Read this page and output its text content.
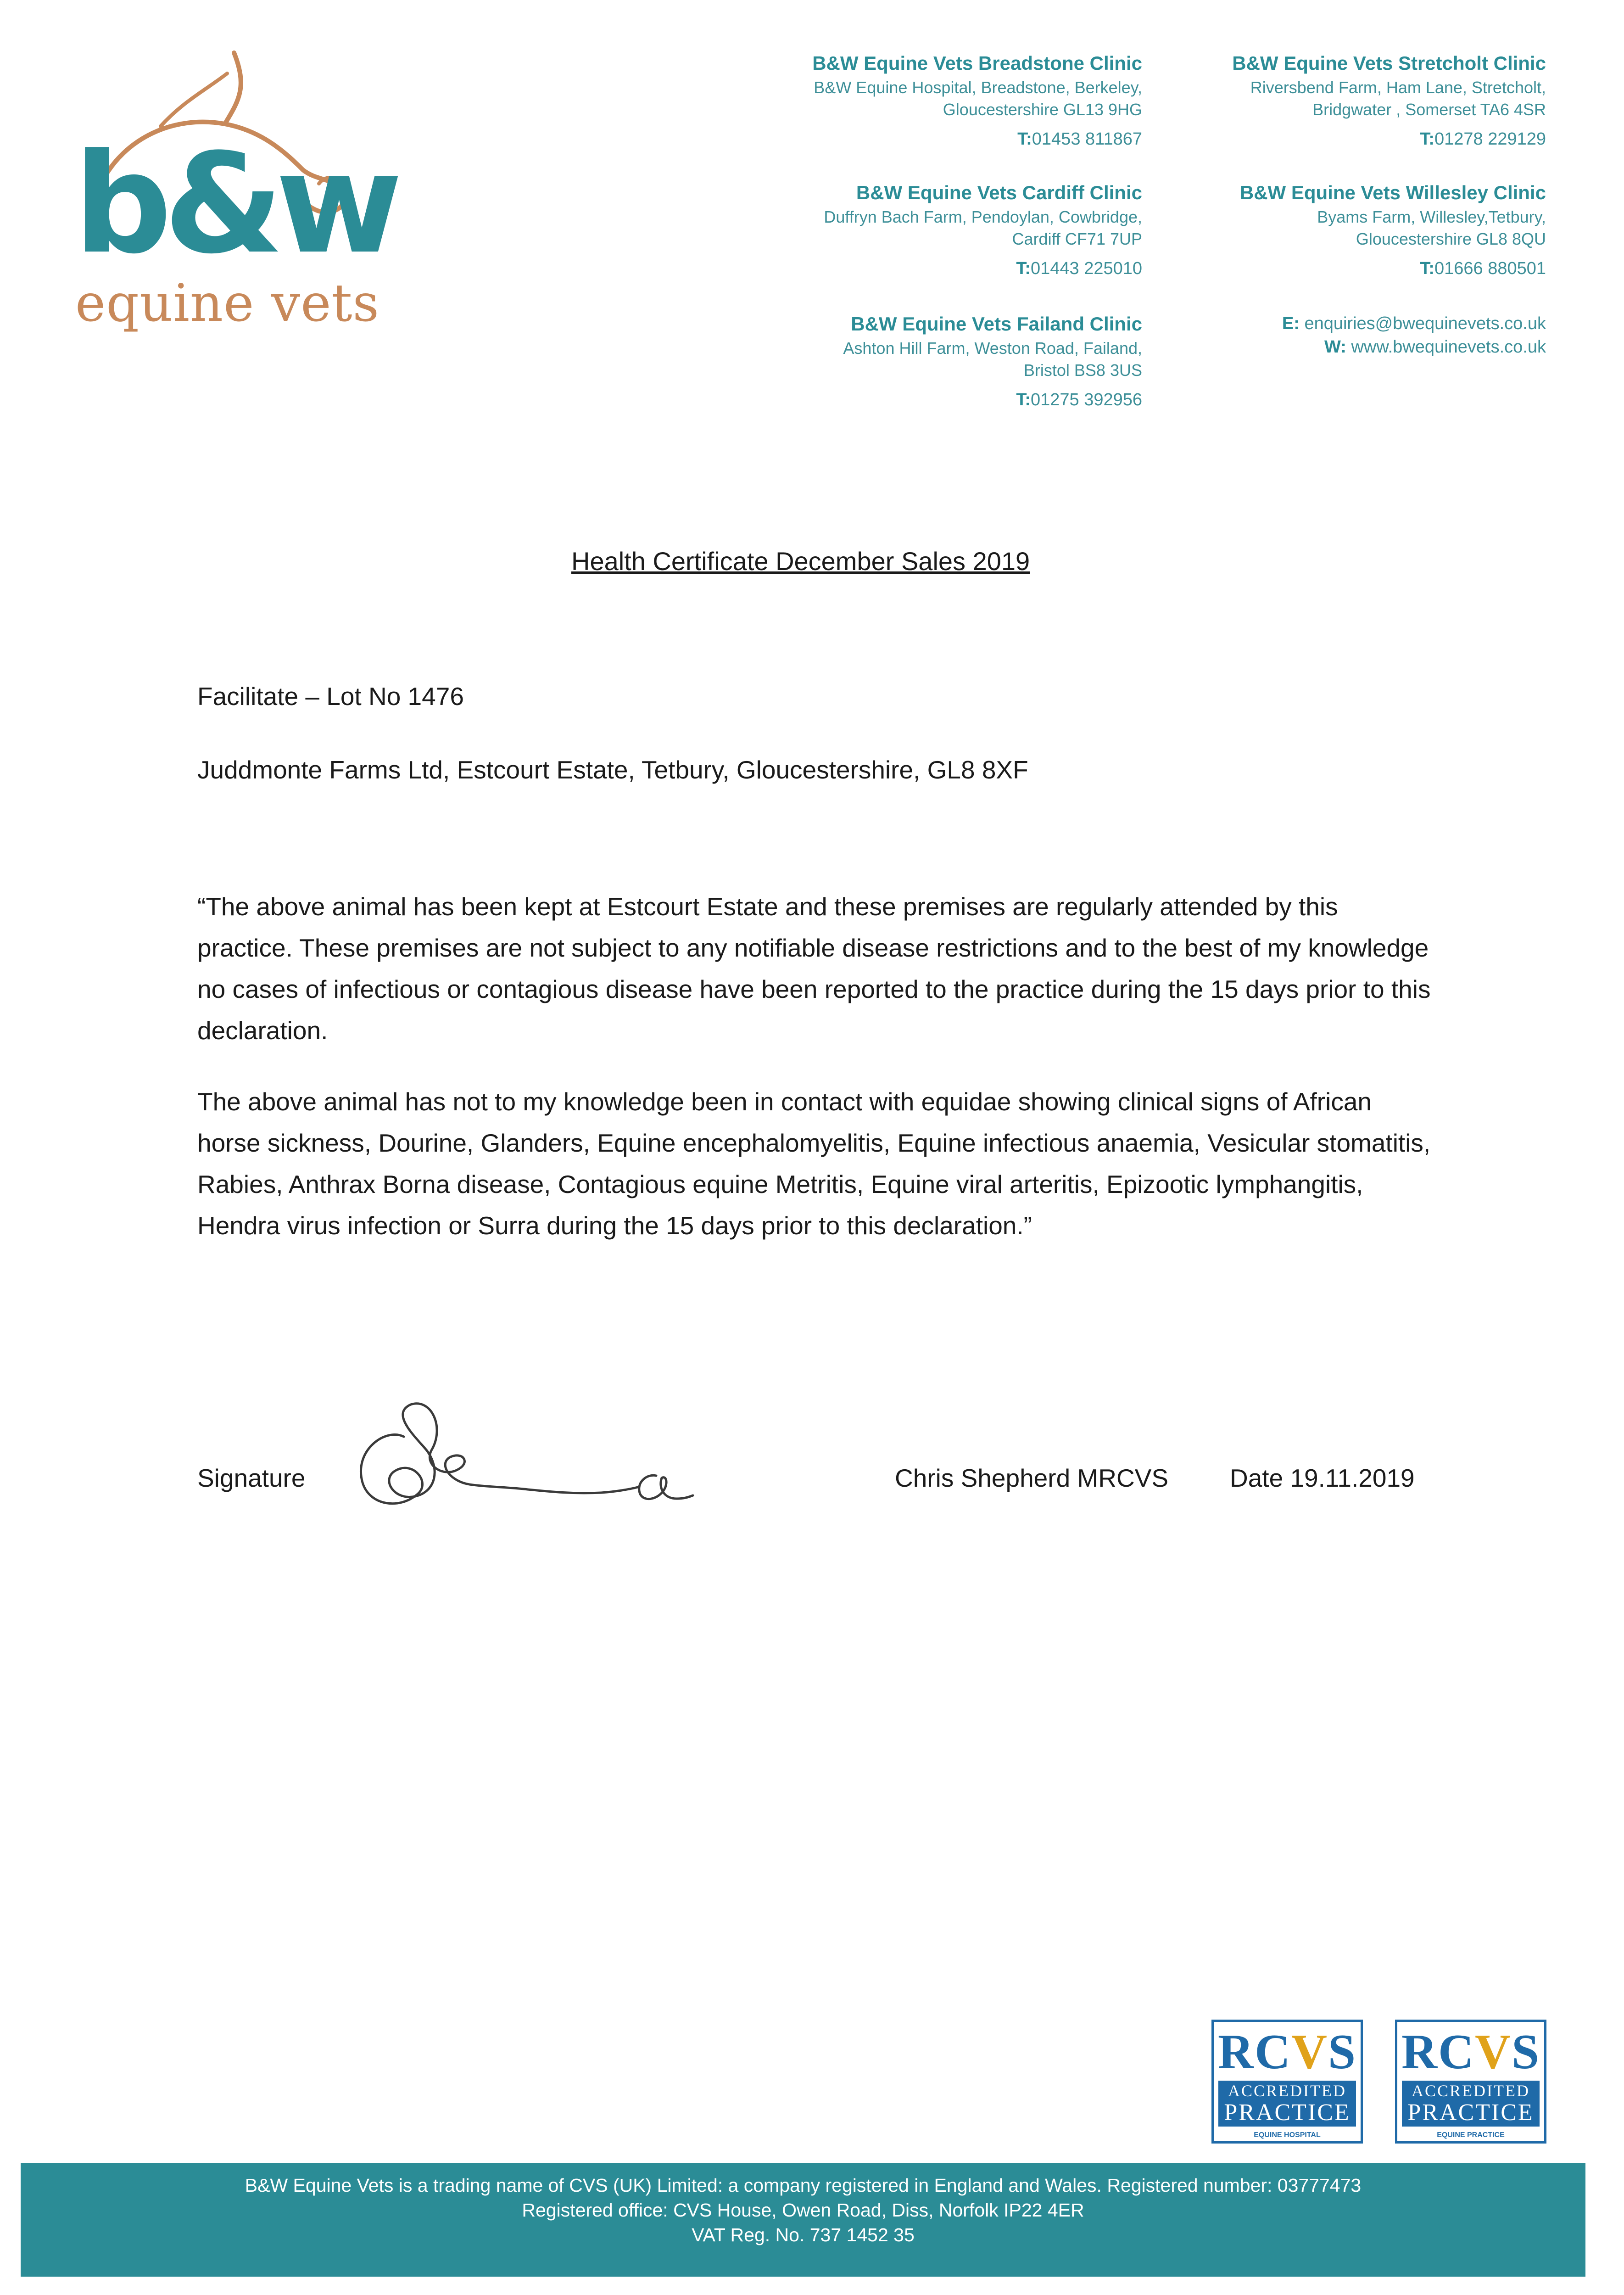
b&w
equine vets
B&W Equine Vets Breadstone Clinic
B&W Equine Hospital, Breadstone, Berkeley,
Gloucestershire GL13 9HG
T:01453 811867
B&W Equine Vets Stretcholt Clinic
Riversbend Farm, Ham Lane, Stretcholt,
Bridgwater , Somerset TA6 4SR
T:01278 229129
B&W Equine Vets Cardiff Clinic
Duffryn Bach Farm, Pendoylan, Cowbridge,
Cardiff CF71 7UP
T:01443 225010
B&W Equine Vets Willesley Clinic
Byams Farm, Willesley,Tetbury,
Gloucestershire GL8 8QU
T:01666 880501
B&W Equine Vets Failand Clinic
Ashton Hill Farm, Weston Road, Failand,
Bristol BS8 3US
T:01275 392956
E: enquiries@bwequinevets.co.uk
W: www.bwequinevets.co.uk
Health Certificate December Sales 2019
Facilitate – Lot No 1476
Juddmonte Farms Ltd, Estcourt Estate, Tetbury, Gloucestershire, GL8 8XF
“The above animal has been kept at Estcourt Estate and these premises are regularly attended by this practice. These premises are not subject to any notifiable disease restrictions and to the best of my knowledge no cases of infectious or contagious disease have been reported to the practice during the 15 days prior to this declaration.
The above animal has not to my knowledge been in contact with equidae showing clinical signs of African horse sickness, Dourine, Glanders, Equine encephalomyelitis, Equine infectious anaemia, Vesicular stomatitis, Rabies, Anthrax Borna disease, Contagious equine Metritis, Equine viral arteritis, Epizootic lymphangitis, Hendra virus infection or Surra during the 15 days prior to this declaration.”
Signature	Chris Shepherd MRCVS Date 19.11.2019
RCVS
ACCREDITED
PRACTICE
EQUINE HOSPITAL
RCVS
ACCREDITED
PRACTICE
EQUINE PRACTICE
B&W Equine Vets is a trading name of CVS (UK) Limited: a company registered in England and Wales. Registered number: 03777473
Registered office: CVS House, Owen Road, Diss, Norfolk IP22 4ER
VAT Reg. No. 737 1452 35
